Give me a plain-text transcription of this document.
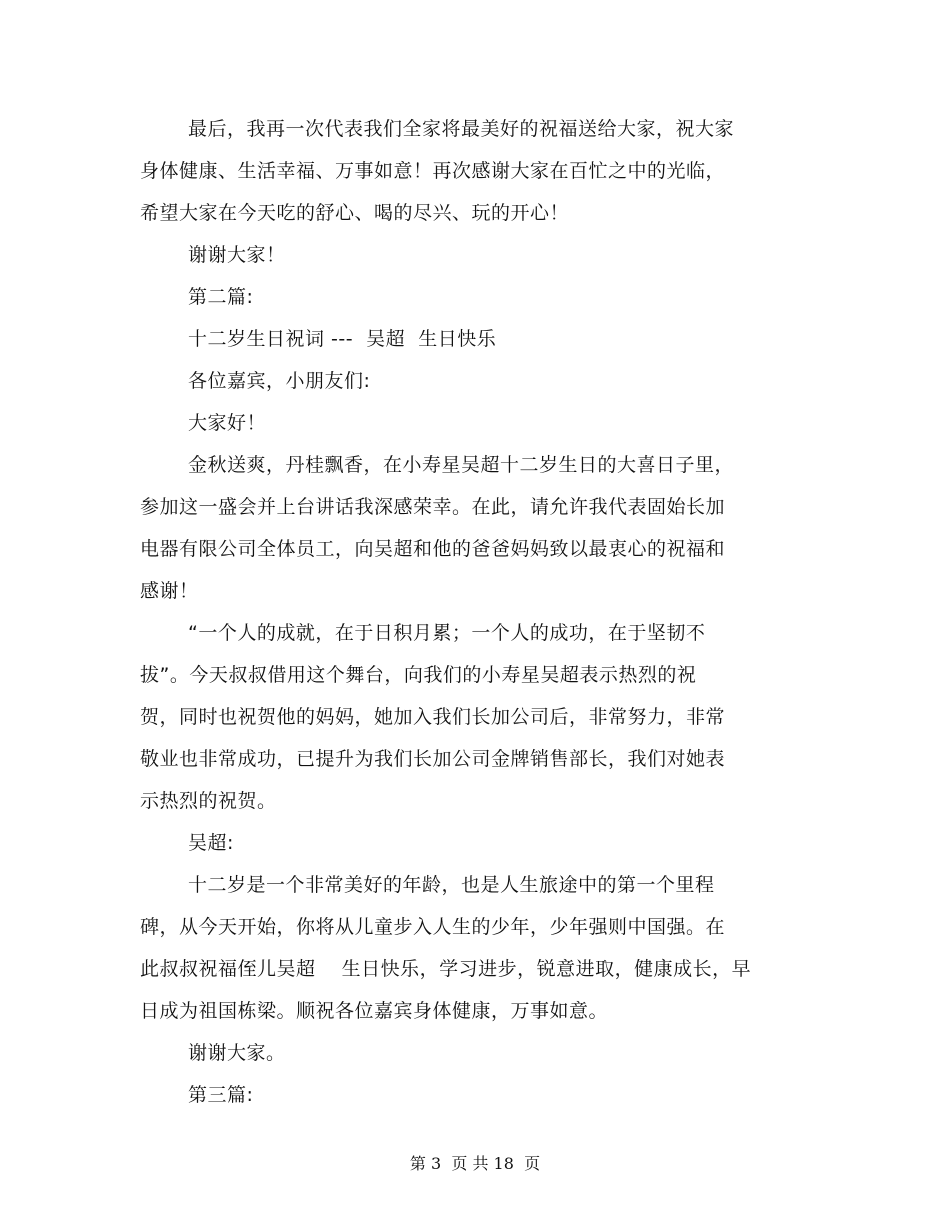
最后，我再一次代表我们全家将最美好的祝福送给大家，祝大家

身体健康、生活幸福、万事如意！再次感谢大家在百忙之中的光临，

希望大家在今天吃的舒心、喝的尽兴、玩的开心！

谢谢大家！

第二篇:

十二岁生日祝词 ---  吴超  生日快乐

各位嘉宾，小朋友们:

大家好！

金秋送爽，丹桂飘香，在小寿星吴超十二岁生日的大喜日子里，

参加这一盛会并上台讲话我深感荣幸。在此，请允许我代表固始长加

电器有限公司全体员工，向吴超和他的爸爸妈妈致以最衷心的祝福和

感谢！

“一个人的成就，在于日积月累；一个人的成功，在于坚韧不

拔”。今天叔叔借用这个舞台，向我们的小寿星吴超表示热烈的祝

贺，同时也祝贺他的妈妈，她加入我们长加公司后，非常努力，非常

敬业也非常成功，已提升为我们长加公司金牌销售部长，我们对她表

示热烈的祝贺。

吴超:

十二岁是一个非常美好的年龄，也是人生旅途中的第一个里程

碑，从今天开始，你将从儿童步入人生的少年，少年强则中国强。在

此叔叔祝福侄儿吴超    生日快乐，学习进步，锐意进取，健康成长，早

日成为祖国栋梁。顺祝各位嘉宾身体健康，万事如意。

谢谢大家。

第三篇:

第 3  页 共 18  页
